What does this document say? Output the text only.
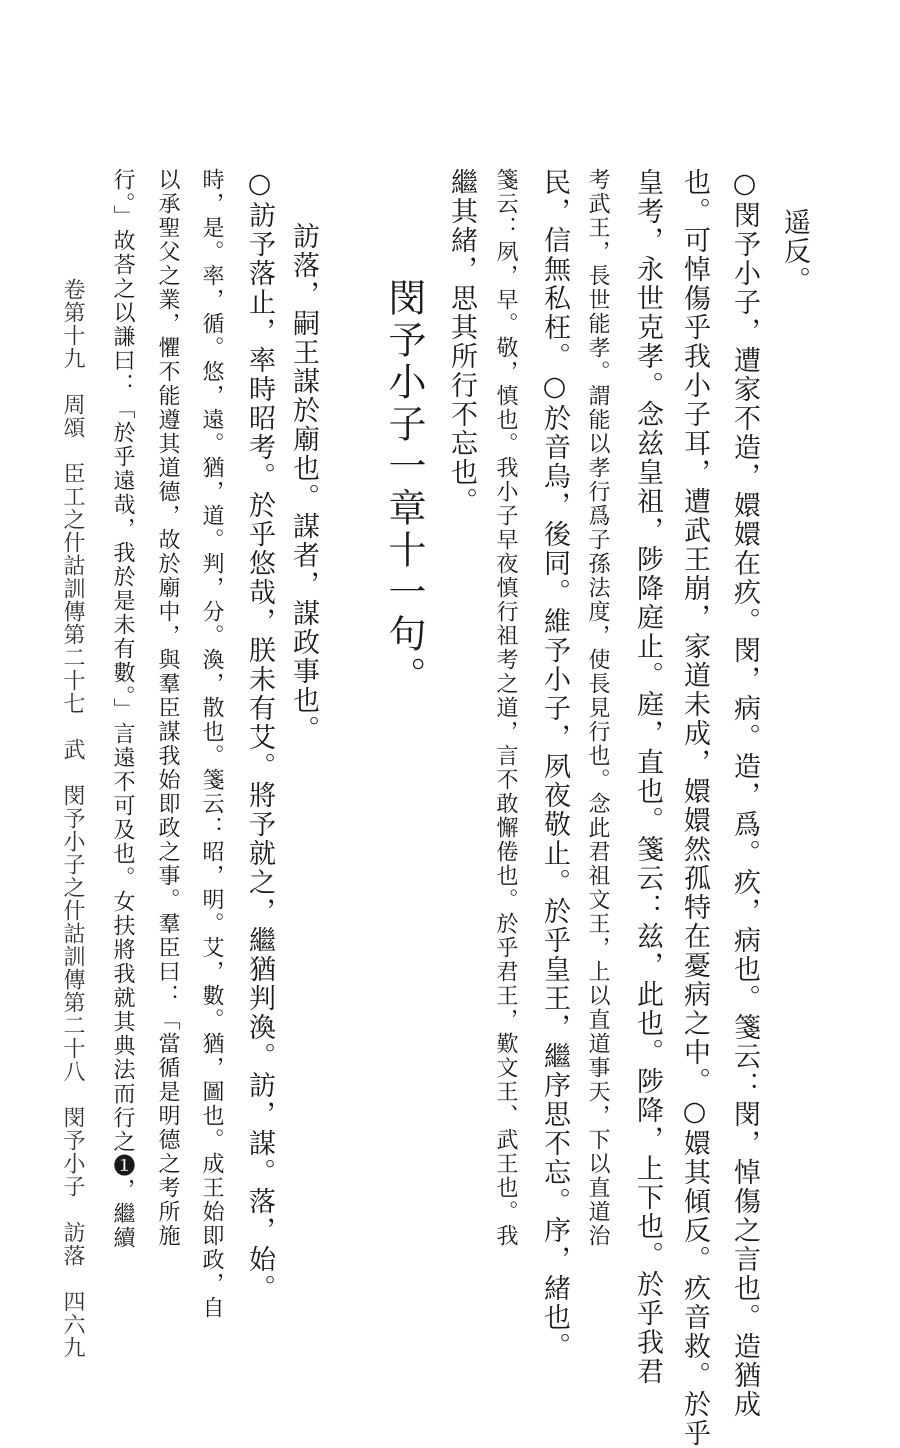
遥反。
○閔予小子，遭家不造，嬛嬛在疚。閔，病。造，爲。疚，病也。箋云：閔，悼傷之言也。造猶成
也。可悼傷乎我小子耳，遭武王崩，家道未成，嬛嬛然孤特在憂病之中。○嬛其傾反。疚音救。於乎
皇考，永世克孝。念兹皇祖，陟降庭止。庭，直也。箋云：兹，此也。陟降，上下也。於乎我君
考武王，長世能孝。謂能以孝行爲子孫法度，使長見行也。念此君祖文王，上以直道事天，下以直道治
民，信無私枉。○於音烏，後同。維予小子，夙夜敬止。於乎皇王，繼序思不忘。序，緒也。
箋云：夙，早。敬，慎也。我小子早夜慎行祖考之道，言不敢懈倦也。於乎君王，歎文王、武王也。我
繼其緒，思其所行不忘也。
閔予小子一章十一句。
訪落，嗣王謀於廟也。謀者，謀政事也。
○訪予落止，率時昭考。於乎悠哉，朕未有艾。將予就之，繼猶判渙。訪，謀。落，始。
時，是。率，循。悠，遠。猶，道。判，分。渙，散也。箋云：昭，明。艾，數。猶，圖也。成王始即政，自
以承聖父之業，懼不能遵其道德，故於廟中，與羣臣謀我始即政之事。羣臣曰：「當循是明德之考所施
行。」故荅之以謙曰：「於乎遠哉，我於是未有數。」言遠不可及也。女扶將我就其典法而行之❶，繼續
卷第十九　周頌　臣工之什詁訓傳第二十七　武　閔予小子之什詁訓傳第二十八　閔予小子　訪落　四六九
